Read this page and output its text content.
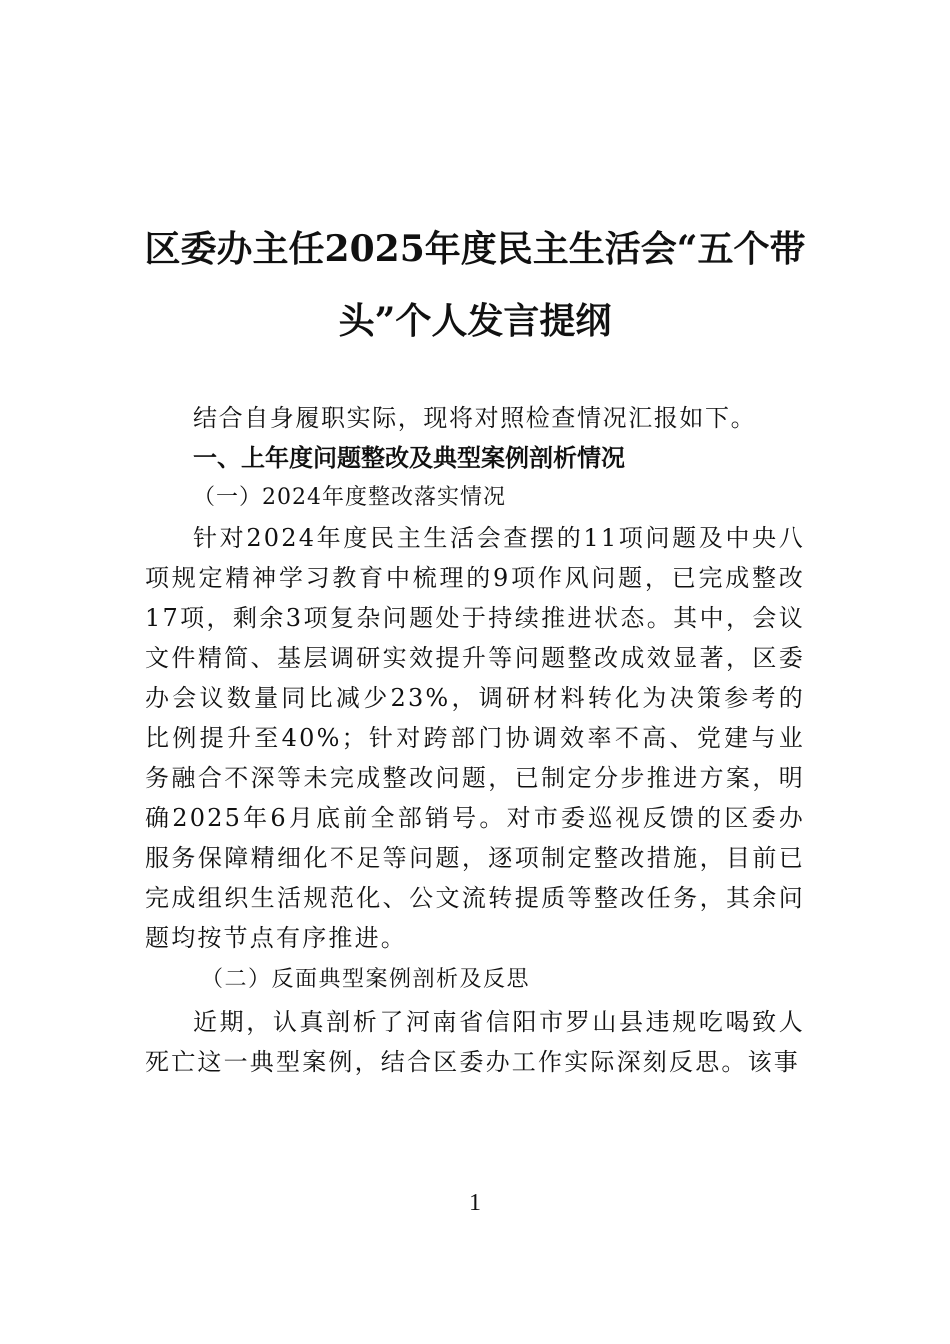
区委办主任2025年度民主生活会“五个带
头”个人发言提纲

结合自身履职实际，现将对照检查情况汇报如下。

一、上年度问题整改及典型案例剖析情况

（一）2024年度整改落实情况

针对2024年度民主生活会查摆的11项问题及中央八项规定精神学习教育中梳理的9项作风问题，已完成整改17项，剩余3项复杂问题处于持续推进状态。其中，会议文件精简、基层调研实效提升等问题整改成效显著，区委办会议数量同比减少23%，调研材料转化为决策参考的比例提升至40%；针对跨部门协调效率不高、党建与业务融合不深等未完成整改问题，已制定分步推进方案，明确2025年6月底前全部销号。对市委巡视反馈的区委办服务保障精细化不足等问题，逐项制定整改措施，目前已完成组织生活规范化、公文流转提质等整改任务，其余问题均按节点有序推进。

（二）反面典型案例剖析及反思

近期，认真剖析了河南省信阳市罗山县违规吃喝致人死亡这一典型案例，结合区委办工作实际深刻反思。该事

1
